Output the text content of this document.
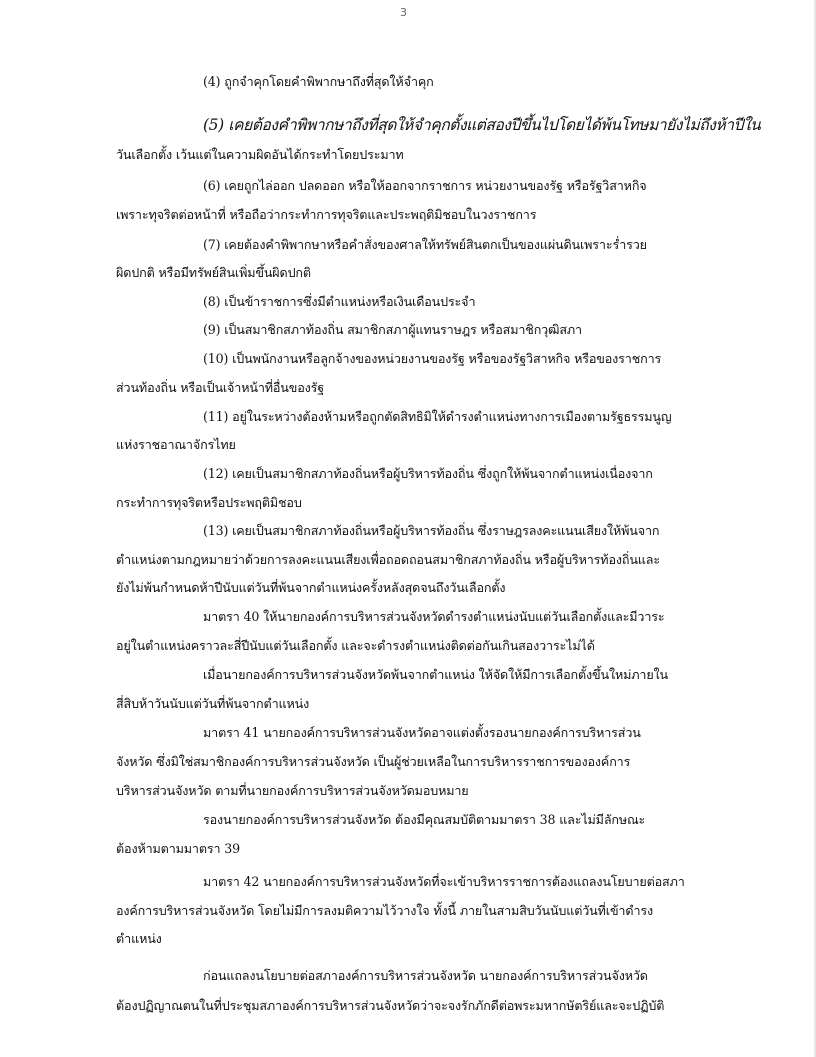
3
(4) ถูกจำคุกโดยคำพิพากษาถึงที่สุดให้จำคุก
(5) เคยต้องคำพิพากษาถึงที่สุดให้จำคุกตั้งแต่สองปีขึ้นไปโดยได้พ้นโทษมายังไม่ถึงห้าปีใน
วันเลือกตั้ง เว้นแต่ในความผิดอันได้กระทำโดยประมาท
(6) เคยถูกไล่ออก ปลดออก หรือให้ออกจากราชการ หน่วยงานของรัฐ หรือรัฐวิสาหกิจ
เพราะทุจริตต่อหน้าที่ หรือถือว่ากระทำการทุจริตและประพฤติมิชอบในวงราชการ
(7) เคยต้องคำพิพากษาหรือคำสั่งของศาลให้ทรัพย์สินตกเป็นของแผ่นดินเพราะร่ำรวย
ผิดปกติ หรือมีทรัพย์สินเพิ่มขึ้นผิดปกติ
(8) เป็นข้าราชการซึ่งมีตำแหน่งหรือเงินเดือนประจำ
(9) เป็นสมาชิกสภาท้องถิ่น สมาชิกสภาผู้แทนราษฎร หรือสมาชิกวุฒิสภา
(10) เป็นพนักงานหรือลูกจ้างของหน่วยงานของรัฐ หรือของรัฐวิสาหกิจ หรือของราชการ
ส่วนท้องถิ่น หรือเป็นเจ้าหน้าที่อื่นของรัฐ
(11) อยู่ในระหว่างต้องห้ามหรือถูกตัดสิทธิมิให้ดำรงตำแหน่งทางการเมืองตามรัฐธรรมนูญ
แห่งราชอาณาจักรไทย
(12) เคยเป็นสมาชิกสภาท้องถิ่นหรือผู้บริหารท้องถิ่น ซึ่งถูกให้พ้นจากตำแหน่งเนื่องจาก
กระทำการทุจริตหรือประพฤติมิชอบ
(13) เคยเป็นสมาชิกสภาท้องถิ่นหรือผู้บริหารท้องถิ่น ซึ่งราษฎรลงคะแนนเสียงให้พ้นจาก
ตำแหน่งตามกฎหมายว่าด้วยการลงคะแนนเสียงเพื่อถอดถอนสมาชิกสภาท้องถิ่น หรือผู้บริหารท้องถิ่นและ
ยังไม่พ้นกำหนดห้าปีนับแต่วันที่พ้นจากตำแหน่งครั้งหลังสุดจนถึงวันเลือกตั้ง
มาตรา 40 ให้นายกองค์การบริหารส่วนจังหวัดดำรงตำแหน่งนับแต่วันเลือกตั้งและมีวาระ
อยู่ในตำแหน่งคราวละสี่ปีนับแต่วันเลือกตั้ง และจะดำรงตำแหน่งติดต่อกันเกินสองวาระไม่ได้
เมื่อนายกองค์การบริหารส่วนจังหวัดพ้นจากตำแหน่ง ให้จัดให้มีการเลือกตั้งขึ้นใหม่ภายใน
สี่สิบห้าวันนับแต่วันที่พ้นจากตำแหน่ง
มาตรา 41 นายกองค์การบริหารส่วนจังหวัดอาจแต่งตั้งรองนายกองค์การบริหารส่วน
จังหวัด ซึ่งมิใช่สมาชิกองค์การบริหารส่วนจังหวัด เป็นผู้ช่วยเหลือในการบริหารราชการขององค์การ
บริหารส่วนจังหวัด ตามที่นายกองค์การบริหารส่วนจังหวัดมอบหมาย
รองนายกองค์การบริหารส่วนจังหวัด ต้องมีคุณสมบัติตามมาตรา 38 และไม่มีลักษณะ
ต้องห้ามตามมาตรา 39
มาตรา 42 นายกองค์การบริหารส่วนจังหวัดที่จะเข้าบริหารราชการต้องแถลงนโยบายต่อสภา
องค์การบริหารส่วนจังหวัด โดยไม่มีการลงมติความไว้วางใจ ทั้งนี้ ภายในสามสิบวันนับแต่วันที่เข้าดำรง
ตำแหน่ง
ก่อนแถลงนโยบายต่อสภาองค์การบริหารส่วนจังหวัด นายกองค์การบริหารส่วนจังหวัด
ต้องปฏิญาณตนในที่ประชุมสภาองค์การบริหารส่วนจังหวัดว่าจะจงรักภักดีต่อพระมหากษัตริย์และจะปฏิบัติ
